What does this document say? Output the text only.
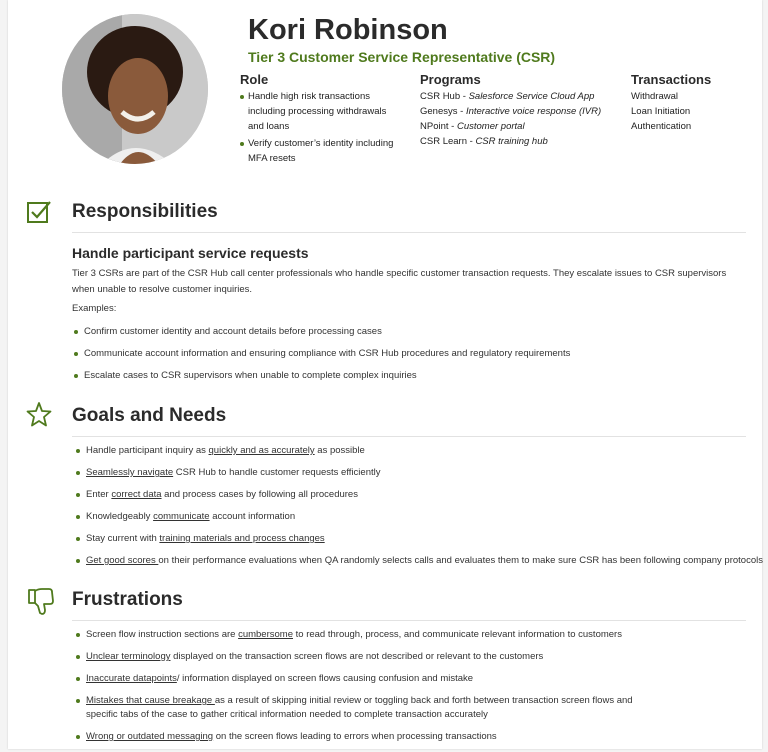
Kori Robinson
Tier 3 Customer Service Representative (CSR)
Role
Handle high risk transactions including processing withdrawals and loans
Verify customer’s identity including MFA resets
Programs
CSR Hub - Salesforce Service Cloud App
Genesys - Interactive voice response (IVR)
NPoint - Customer portal
CSR Learn - CSR training hub
Transactions
Withdrawal
Loan Initiation
Authentication
Responsibilities
Handle participant service requests
Tier 3 CSRs are part of the CSR Hub call center professionals who handle specific customer transaction requests. They escalate issues to CSR supervisors when unable to resolve customer inquiries.
Examples:
Confirm customer identity and account details before processing cases
Communicate account information and ensuring compliance with CSR Hub procedures and regulatory requirements
Escalate cases to CSR supervisors when unable to complete complex inquiries
Goals and Needs
Handle participant inquiry as quickly and as accurately as possible
Seamlessly navigate CSR Hub to handle customer requests efficiently
Enter correct data and process cases by following all procedures
Knowledgeably communicate account information
Stay current with training materials and process changes
Get good scores on their performance evaluations when QA randomly selects calls and evaluates them to make sure CSR has been following company protocols
Frustrations
Screen flow instruction sections are cumbersome to read through, process, and communicate relevant information to customers
Unclear terminology displayed on the transaction screen flows are not described or relevant to the customers
Inaccurate datapoints/ information displayed on screen flows causing confusion and mistake
Mistakes that cause breakage as a result of skipping initial review or toggling back and forth between transaction screen flows and specific tabs of the case to gather critical information needed to complete transaction accurately
Wrong or outdated messaging on the screen flows leading to errors when processing transactions
